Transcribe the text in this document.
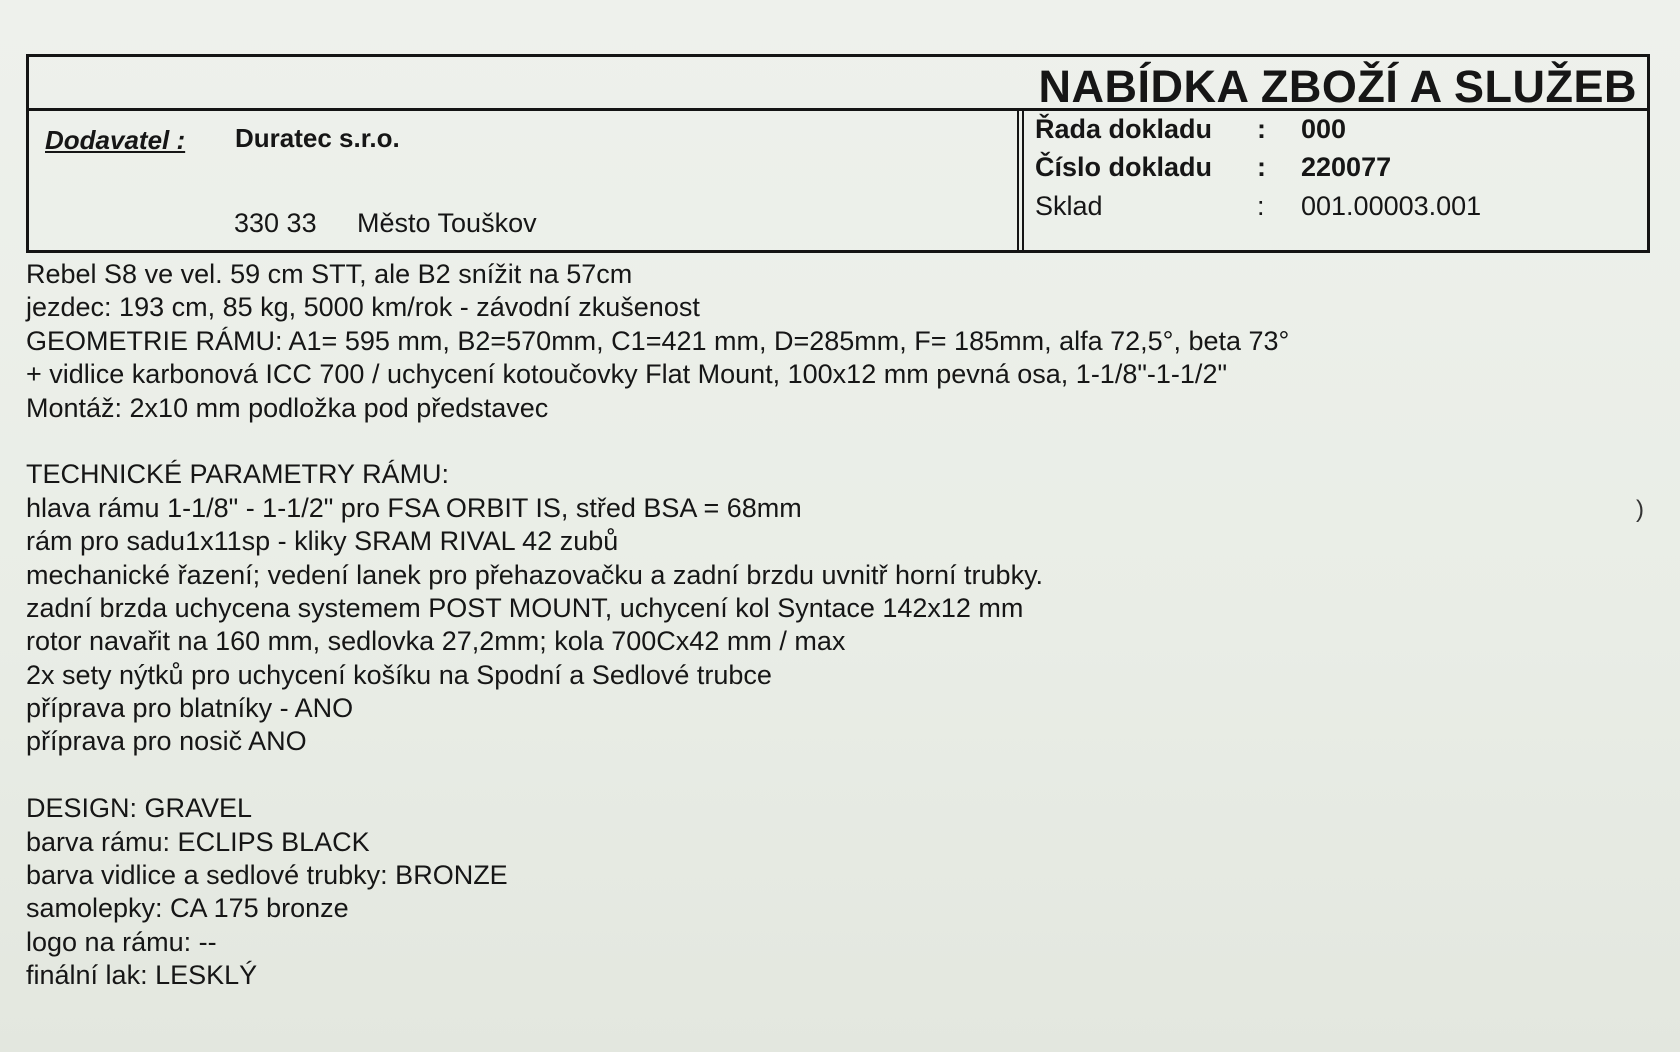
NABÍDKA ZBOŽÍ A SLUŽEB
Dodavatel : Duratec s.r.o.
330 33 Město Touškov
Řada dokladu : 000
Číslo dokladu : 220077
Sklad	: 001.00003.001
Rebel S8 ve vel. 59 cm STT, ale B2 snížit na 57cm
jezdec: 193 cm, 85 kg, 5000 km/rok - závodní zkušenost
GEOMETRIE RÁMU: A1= 595 mm, B2=570mm, C1=421 mm, D=285mm, F= 185mm, alfa 72,5°, beta 73°
+ vidlice karbonová ICC 700 / uchycení kotoučovky Flat Mount, 100x12 mm pevná osa, 1-1/8"-1-1/2"
Montáž: 2x10 mm podložka pod představec
TECHNICKÉ PARAMETRY RÁMU:
hlava rámu 1-1/8" - 1-1/2" pro FSA ORBIT IS, střed BSA = 68mm
rám pro sadu1x11sp - kliky SRAM RIVAL 42 zubů
mechanické řazení; vedení lanek pro přehazovačku a zadní brzdu uvnitř horní trubky.
zadní brzda uchycena systemem POST MOUNT, uchycení kol Syntace 142x12 mm
rotor navařit na 160 mm, sedlovka 27,2mm; kola 700Cx42 mm / max
2x sety nýtků pro uchycení košíku na Spodní a Sedlové trubce
příprava pro blatníky - ANO
příprava pro nosič ANO
DESIGN: GRAVEL
barva rámu: ECLIPS BLACK
barva vidlice a sedlové trubky: BRONZE
samolepky: CA 175 bronze
logo na rámu: --
finální lak: LESKLÝ
)
